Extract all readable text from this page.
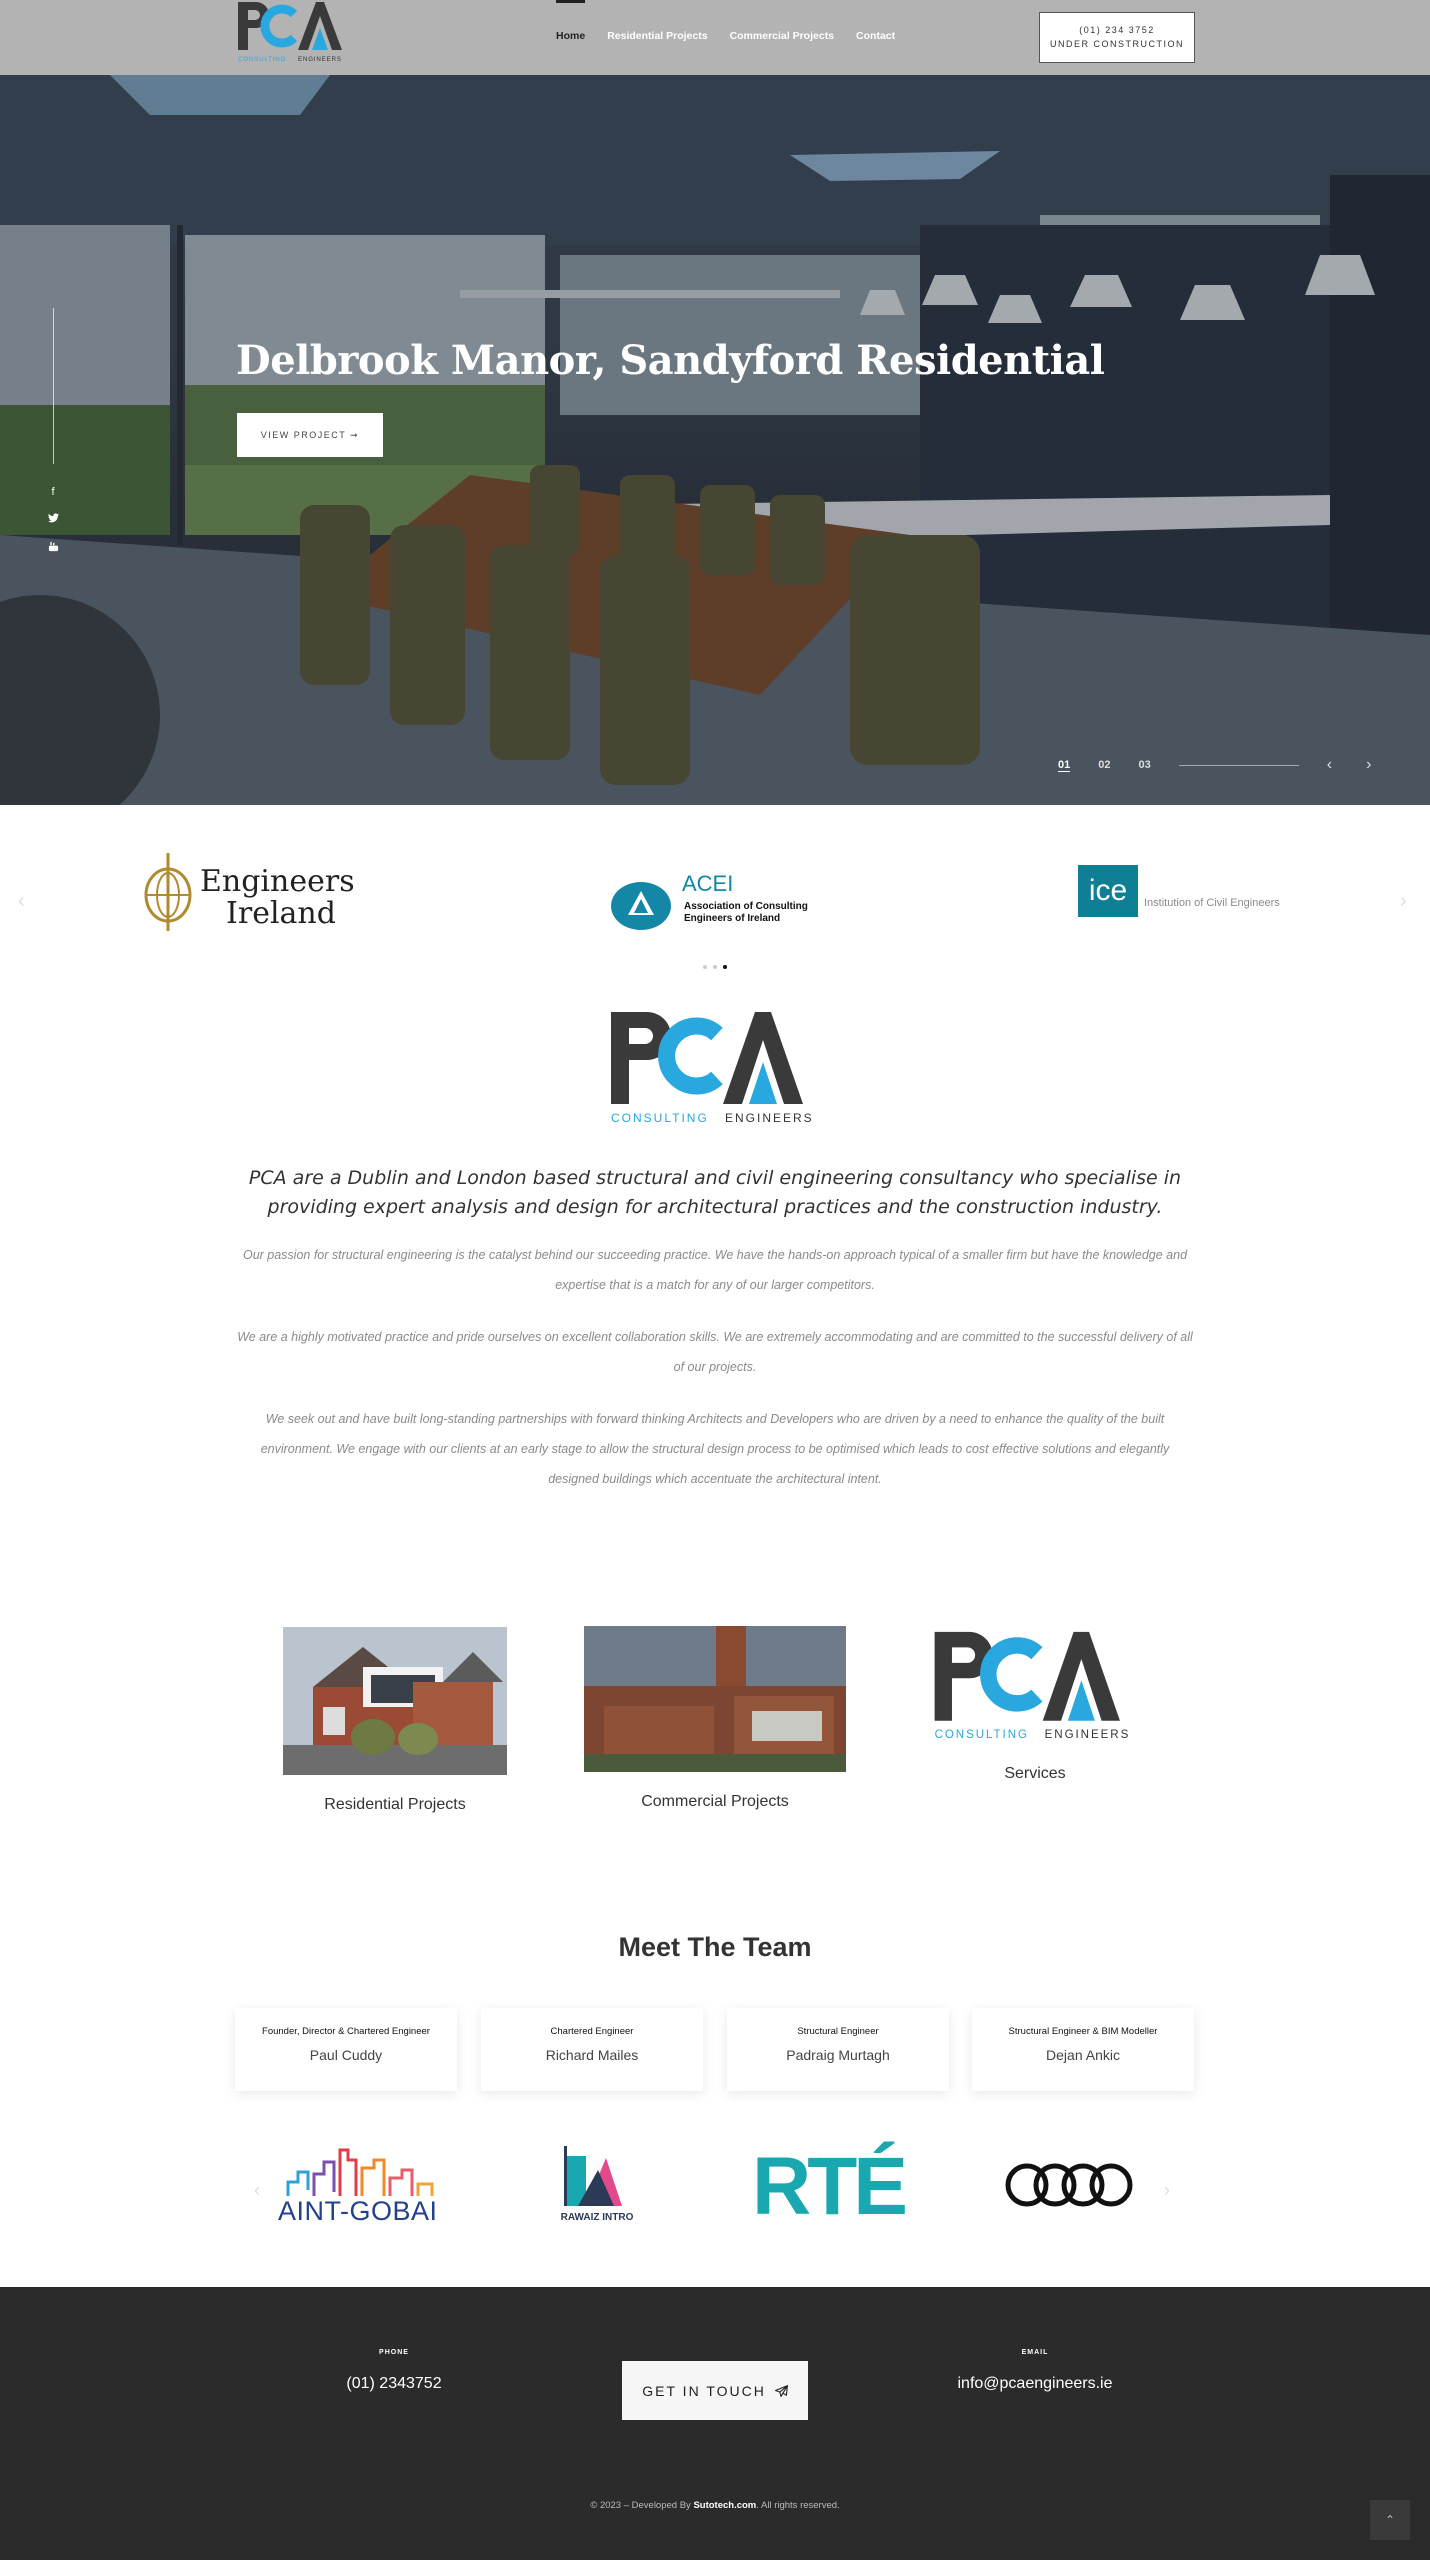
CONSULTING ENGINEERS
Home Residential Projects Commercial Projects Contact	(01) 234 3752
UNDER CONSTRUCTION
f
Delbrook Manor, Sandyford Residential
VIEW PROJECT ➞
01	02	03	‹ ›
‹	›
Engineers
Ireland
ACEI
Association of Consulting
Engineers of Ireland
ice	Institution of Civil Engineers
CONSULTING ENGINEERS

PCA are a Dublin and London based structural and civil engineering consultancy who specialise in providing expert analysis and design for architectural practices and the construction industry.

Our passion for structural engineering is the catalyst behind our succeeding practice. We have the hands-on approach typical of a smaller firm but have the knowledge and expertise that is a match for any of our larger competitors.

We are a highly motivated practice and pride ourselves on excellent collaboration skills. We are extremely accommodating and are committed to the successful delivery of all of our projects.

We seek out and have built long-standing partnerships with forward thinking Architects and Developers who are driven by a need to enhance the quality of the built environment. We engage with our clients at an early stage to allow the structural design process to be optimised which leads to cost effective solutions and elegantly designed buildings which accentuate the architectural intent.

Residential Projects	Commercial Projects
CONSULTING ENGINEERS
Services
Meet The Team
Founder, Director & Chartered Engineer
Paul Cuddy
Chartered Engineer
Richard Mailes
Structural Engineer
Padraig Murtagh
Structural Engineer & BIM Modeller
Dejan Ankic
‹	›
AINT-GOBAI	RAWAIZ INTRO RTÉ
PHONE
(01) 2343752	GET IN TOUCH
EMAIL
info@pcaengineers.ie
© 2023 – Developed By Sutotech.com. All rights reserved.
⌃
